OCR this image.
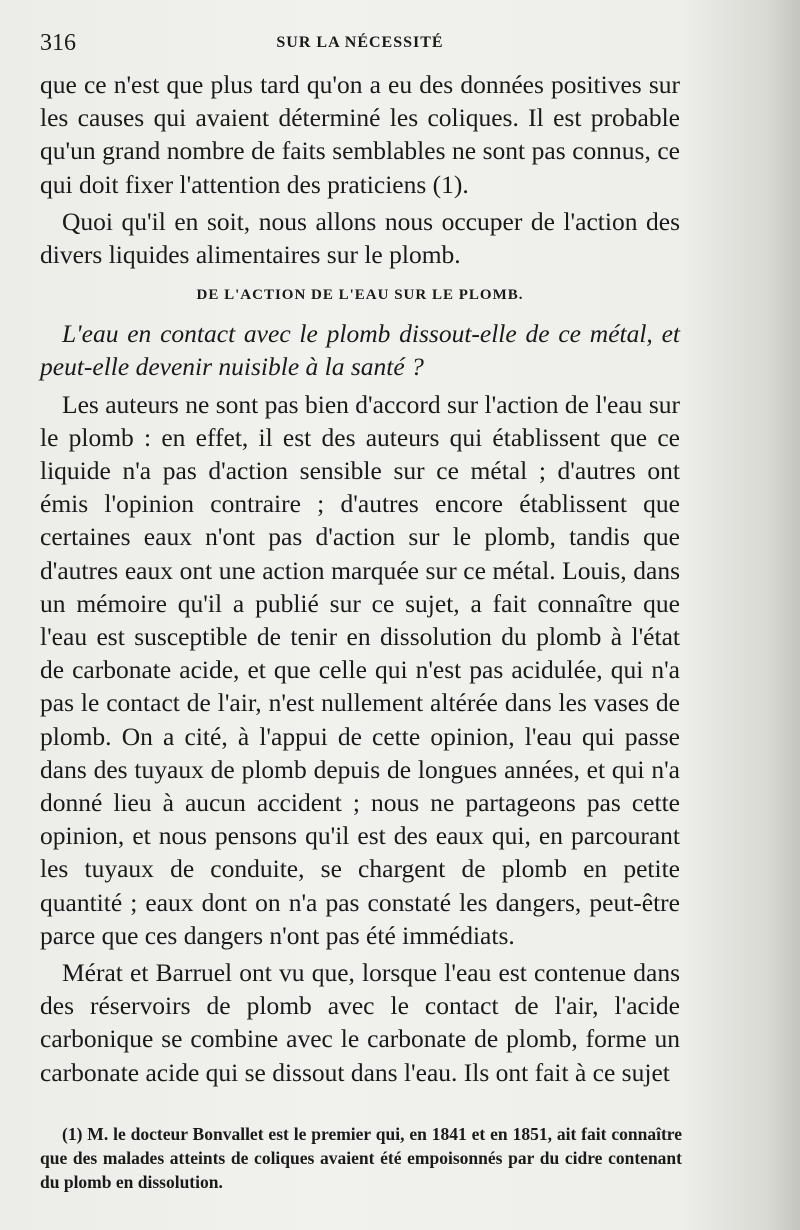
316	SUR LA NÉCESSITÉ

que ce n'est que plus tard qu'on a eu des données positives sur les causes qui avaient déterminé les coliques. Il est probable qu'un grand nombre de faits semblables ne sont pas connus, ce qui doit fixer l'attention des praticiens (1).

Quoi qu'il en soit, nous allons nous occuper de l'action des divers liquides alimentaires sur le plomb.

DE L'ACTION DE L'EAU SUR LE PLOMB.

L'eau en contact avec le plomb dissout-elle de ce métal, et peut-elle devenir nuisible à la santé ?

Les auteurs ne sont pas bien d'accord sur l'action de l'eau sur le plomb : en effet, il est des auteurs qui établissent que ce liquide n'a pas d'action sensible sur ce métal ; d'autres ont émis l'opinion contraire ; d'autres encore établissent que certaines eaux n'ont pas d'action sur le plomb, tandis que d'autres eaux ont une action marquée sur ce métal. Louis, dans un mémoire qu'il a publié sur ce sujet, a fait connaître que l'eau est susceptible de tenir en dissolution du plomb à l'état de carbonate acide, et que celle qui n'est pas acidulée, qui n'a pas le contact de l'air, n'est nullement altérée dans les vases de plomb. On a cité, à l'appui de cette opinion, l'eau qui passe dans des tuyaux de plomb depuis de longues années, et qui n'a donné lieu à aucun accident ; nous ne partageons pas cette opinion, et nous pensons qu'il est des eaux qui, en parcourant les tuyaux de conduite, se chargent de plomb en petite quantité ; eaux dont on n'a pas constaté les dangers, peut-être parce que ces dangers n'ont pas été immédiats.

Mérat et Barruel ont vu que, lorsque l'eau est contenue dans des réservoirs de plomb avec le contact de l'air, l'acide carbonique se combine avec le carbonate de plomb, forme un carbonate acide qui se dissout dans l'eau. Ils ont fait à ce sujet

(1) M. le docteur Bonvallet est le premier qui, en 1841 et en 1851, ait fait connaître que des malades atteints de coliques avaient été empoisonnés par du cidre contenant du plomb en dissolution.
